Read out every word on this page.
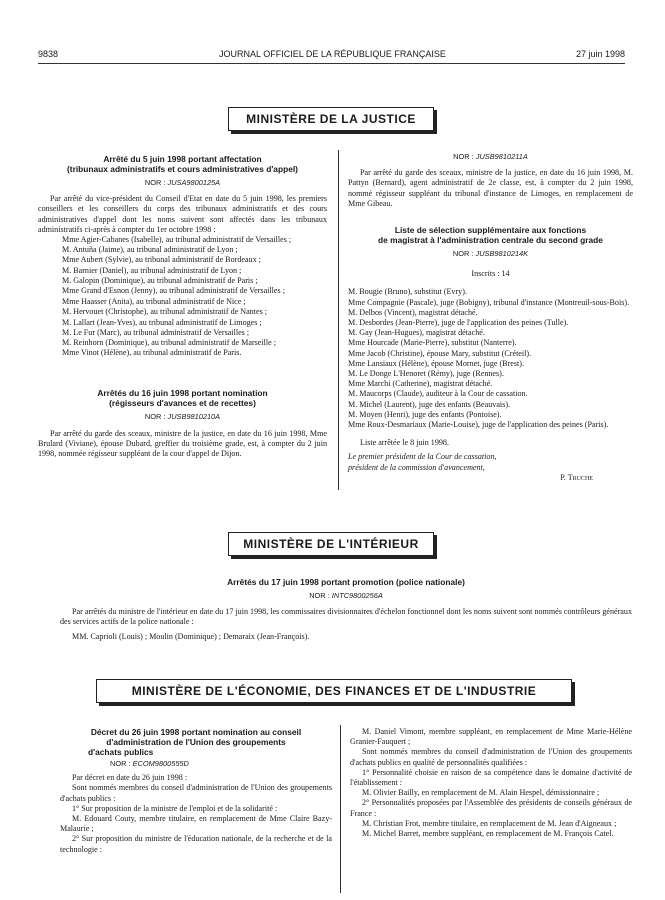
9838	JOURNAL OFFICIEL DE LA RÉPUBLIQUE FRANÇAISE	27 juin 1998
MINISTÈRE DE LA JUSTICE

Arrêté du 5 juin 1998 portant affectation

(tribunaux administratifs et cours administratives d'appel)

NOR : JUSA9800125A

Par arrêté du vice-président du Conseil d'Etat en date du 5 juin 1998, les premiers conseillers et les conseillers du corps des tribunaux administratifs et des cours administratives d'appel dont les noms suivent sont affectés dans les tribunaux administratifs ci-après à compter du 1er octobre 1998 :

Mme Agier-Cabanes (Isabelle), au tribunal administratif de Versailles ;

M. Antuña (Jaime), au tribunal administratif de Lyon ;

Mme Aubert (Sylvie), au tribunal administratif de Bordeaux ;

M. Barnier (Daniel), au tribunal administratif de Lyon ;

M. Galopin (Dominique), au tribunal administratif de Paris ;

Mme Grand d'Esnon (Jenny), au tribunal administratif de Versailles ;

Mme Haasser (Anita), au tribunal administratif de Nice ;

M. Hervouet (Christophe), au tribunal administratif de Nantes ;

M. Lallart (Jean-Yves), au tribunal administratif de Limoges ;

M. Le Fur (Marc), au tribunal administratif de Versailles ;

M. Reinhorn (Dominique), au tribunal administratif de Marseille ;

Mme Vinot (Hélène), au tribunal administratif de Paris.

Arrêtés du 16 juin 1998 portant nomination

(régisseurs d'avances et de recettes)

NOR : JUSB9810210A

Par arrêté du garde des sceaux, ministre de la justice, en date du 16 juin 1998, Mme Brulard (Viviane), épouse Dubard, greffier du troisième grade, est, à compter du 2 juin 1998, nommée régisseur suppléant de la cour d'appel de Dijon.

NOR : JUSB9810211A

Par arrêté du garde des sceaux, ministre de la justice, en date du 16 juin 1998, M. Pattyn (Bernard), agent administratif de 2e classe, est, à compter du 2 juin 1998, nommé régisseur suppléant du tribunal d'instance de Limoges, en remplacement de Mme Gibeau.

Liste de sélection supplémentaire aux fonctions

de magistrat à l'administration centrale du second grade

NOR : JUSB9810214K

Inscrits : 14

M. Bougie (Bruno), substitut (Evry).

Mme Compagnie (Pascale), juge (Bobigny), tribunal d'instance (Montreuil-sous-Bois).

M. Delbos (Vincent), magistrat détaché.

M. Desbordes (Jean-Pierre), juge de l'application des peines (Tulle).

M. Gay (Jean-Hugues), magistrat détaché.

Mme Hourcade (Marie-Pierre), substitut (Nanterre).

Mme Jacob (Christine), épouse Mary, substitut (Créteil).

Mme Lansiaux (Hélène), épouse Mornet, juge (Brest).

M. Le Donge L'Henoret (Rémy), juge (Rennes).

Mme Marchi (Catherine), magistrat détaché.

M. Maucorps (Claude), auditeur à la Cour de cassation.

M. Michel (Laurent), juge des enfants (Beauvais).

M. Moyen (Henri), juge des enfants (Pontoise).

Mme Roux-Desmariaux (Marie-Louise), juge de l'application des peines (Paris).

Liste arrêtée le 8 juin 1998.

Le premier président de la Cour de cassation,

président de la commission d'avancement,

P. Truche

MINISTÈRE DE L'INTÉRIEUR

Arrêtés du 17 juin 1998 portant promotion (police nationale)

NOR : INTC9800256A

Par arrêtés du ministre de l'intérieur en date du 17 juin 1998, les commissaires divisionnaires d'échelon fonctionnel dont les noms suivent sont nommés contrôleurs généraux des services actifs de la police nationale :

MM. Caprioli (Louis) ; Moulin (Dominique) ; Demaraix (Jean-François).

MINISTÈRE DE L'ÉCONOMIE, DES FINANCES ET DE L'INDUSTRIE

Décret du 26 juin 1998 portant nomination au conseil

d'administration de l'Union des groupements

d'achats publics

NOR : ECOM9800555D

Par décret en date du 26 juin 1998 :

Sont nommés membres du conseil d'administration de l'Union des groupements d'achats publics :

1° Sur proposition de la ministre de l'emploi et de la solidarité :

M. Edouard Couty, membre titulaire, en remplacement de Mme Claire Bazy-Malaurie ;

2° Sur proposition du ministre de l'éducation nationale, de la recherche et de la technologie :

M. Daniel Vimont, membre suppléant, en remplacement de Mme Marie-Hélène Granier-Fauquert ;

Sont nommés membres du conseil d'administration de l'Union des groupements d'achats publics en qualité de personnalités qualifiées :

1° Personnalité choisie en raison de sa compétence dans le domaine d'activité de l'établissement :

M. Olivier Bailly, en remplacement de M. Alain Hespel, démissionnaire ;

2° Personnalités proposées par l'Assemblée des présidents de conseils généraux de France :

M. Christian Frot, membre titulaire, en remplacement de M. Jean d'Aigneaux ;

M. Michel Barret, membre suppléant, en remplacement de M. François Catel.
